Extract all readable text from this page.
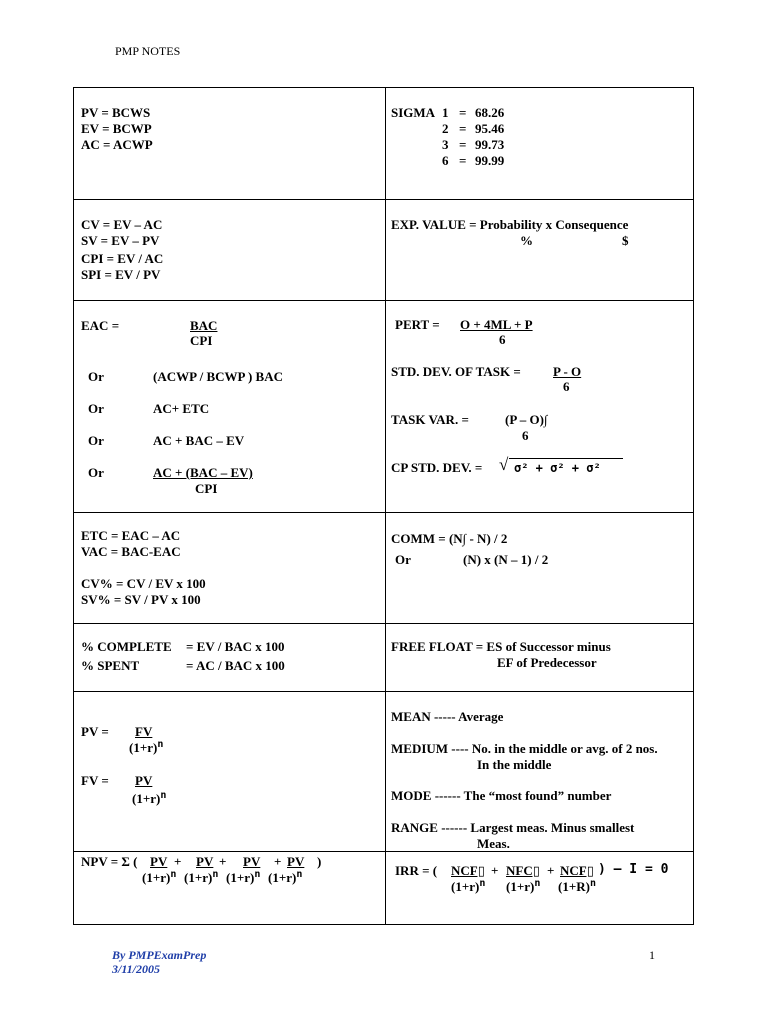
PMP NOTES
PV = BCWS
EV = BCWP
AC = ACWP
SIGMA 1 = 68.26
2 = 95.46
3 = 99.73
6 = 99.99
CV = EV – AC
SV = EV – PV
CPI = EV / AC
SPI = EV / PV
EXP. VALUE = Probability x Consequence
%	$
EAC =	BAC
CPI
Or	(ACWP / BCWP ) BAC
Or	AC+ ETC
Or	AC + BAC – EV
Or	AC + (BAC – EV)
CPI
PERT = O + 4ML + P
6
STD. DEV. OF TASK = P - O
6
TASK VAR. =	(P – O)∫
6
CP STD. DEV. = √ σ² + σ² + σ²
ETC = EAC – AC
VAC = BAC-EAC
CV% = CV / EV x 100
SV% = SV / PV x 100
COMM = (N∫ - N) / 2
Or	(N) x (N – 1) / 2
% COMPLETE = EV / BAC x 100
% SPENT	= AC / BAC x 100
FREE FLOAT = ES of Successor minus
EF of Predecessor
PV = FV
$(1+r)^n$
FV = PV
$(1+r)^n$
MEAN ----- Average
MEDIUM ---- No. in the middle or avg. of 2 nos.
In the middle
MODE ------ The “most found” number
RANGE ------ Largest meas. Minus smallest
Meas.
NPV = Σ ( PV + PV + PV + PV )
$(1+r)^n$ $(1+r)^n$ $(1+r)^n$ $(1+r)^n$	IRR = ( NCF▯ + NFC▯ + NCF▯ ) – I = 0
$(1+r)^n$ $(1+r)^n$ $(1+R)^n$
By PMPExamPrep
3/11/2005
1
